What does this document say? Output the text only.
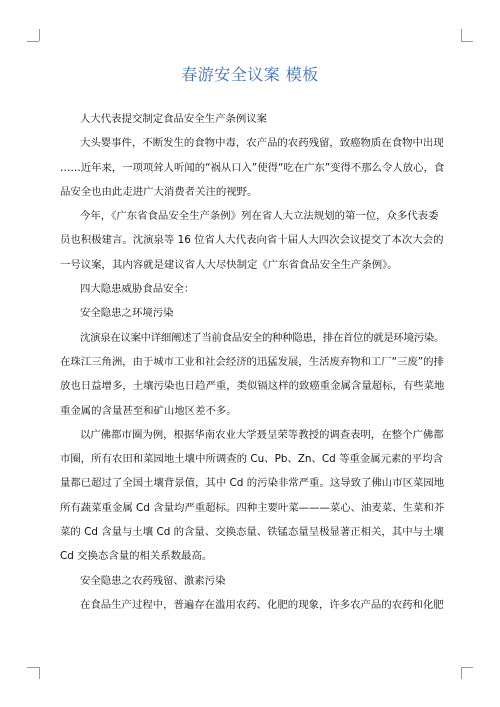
春游安全议案 模板

人大代表提交制定食品安全生产条例议案

大头婴事件，不断发生的食物中毒，农产品的农药残留，致癌物质在食物中出现

……近年来，一项项耸人听闻的“祸从口入”使得“吃在广东”变得不那么令人放心，食

品安全也由此走进广大消费者关注的视野。

今年，《广东省食品安全生产条例》列在省人大立法规划的第一位，众多代表委

员也积极建言。沈演泉等 16 位省人大代表向省十届人大四次会议提交了本次大会的

一号议案，其内容就是建议省人大尽快制定《广东省食品安全生产条例》。

四大隐患威胁食品安全：

安全隐患之环境污染

沈演泉在议案中详细阐述了当前食品安全的种种隐患，排在首位的就是环境污染。

在珠江三角洲，由于城市工业和社会经济的迅猛发展，生活废弃物和工厂“三废”的排

放也日益增多，土壤污染也日趋严重，类似镉这样的致癌重金属含量超标，有些菜地

重金属的含量甚至和矿山地区差不多。

以广佛都市圈为例，根据华南农业大学聂呈荣等教授的调查表明，在整个广佛都

市圈，所有农田和菜园地土壤中所调查的 Cu、Pb、Zn、Cd 等重金属元素的平均含

量都已超过了全国土壤背景值，其中 Cd 的污染非常严重。这导致了佛山市区菜园地

所有蔬菜重金属 Cd 含量均严重超标。四种主要叶菜———菜心、油麦菜、生菜和芥

菜的 Cd 含量与土壤 Cd 的含量、交换态量、铁锰态量呈极显著正相关，其中与土壤

Cd 交换态含量的相关系数最高。

安全隐患之农药残留、激素污染

在食品生产过程中，普遍存在滥用农药、化肥的现象，许多农产品的农药和化肥
